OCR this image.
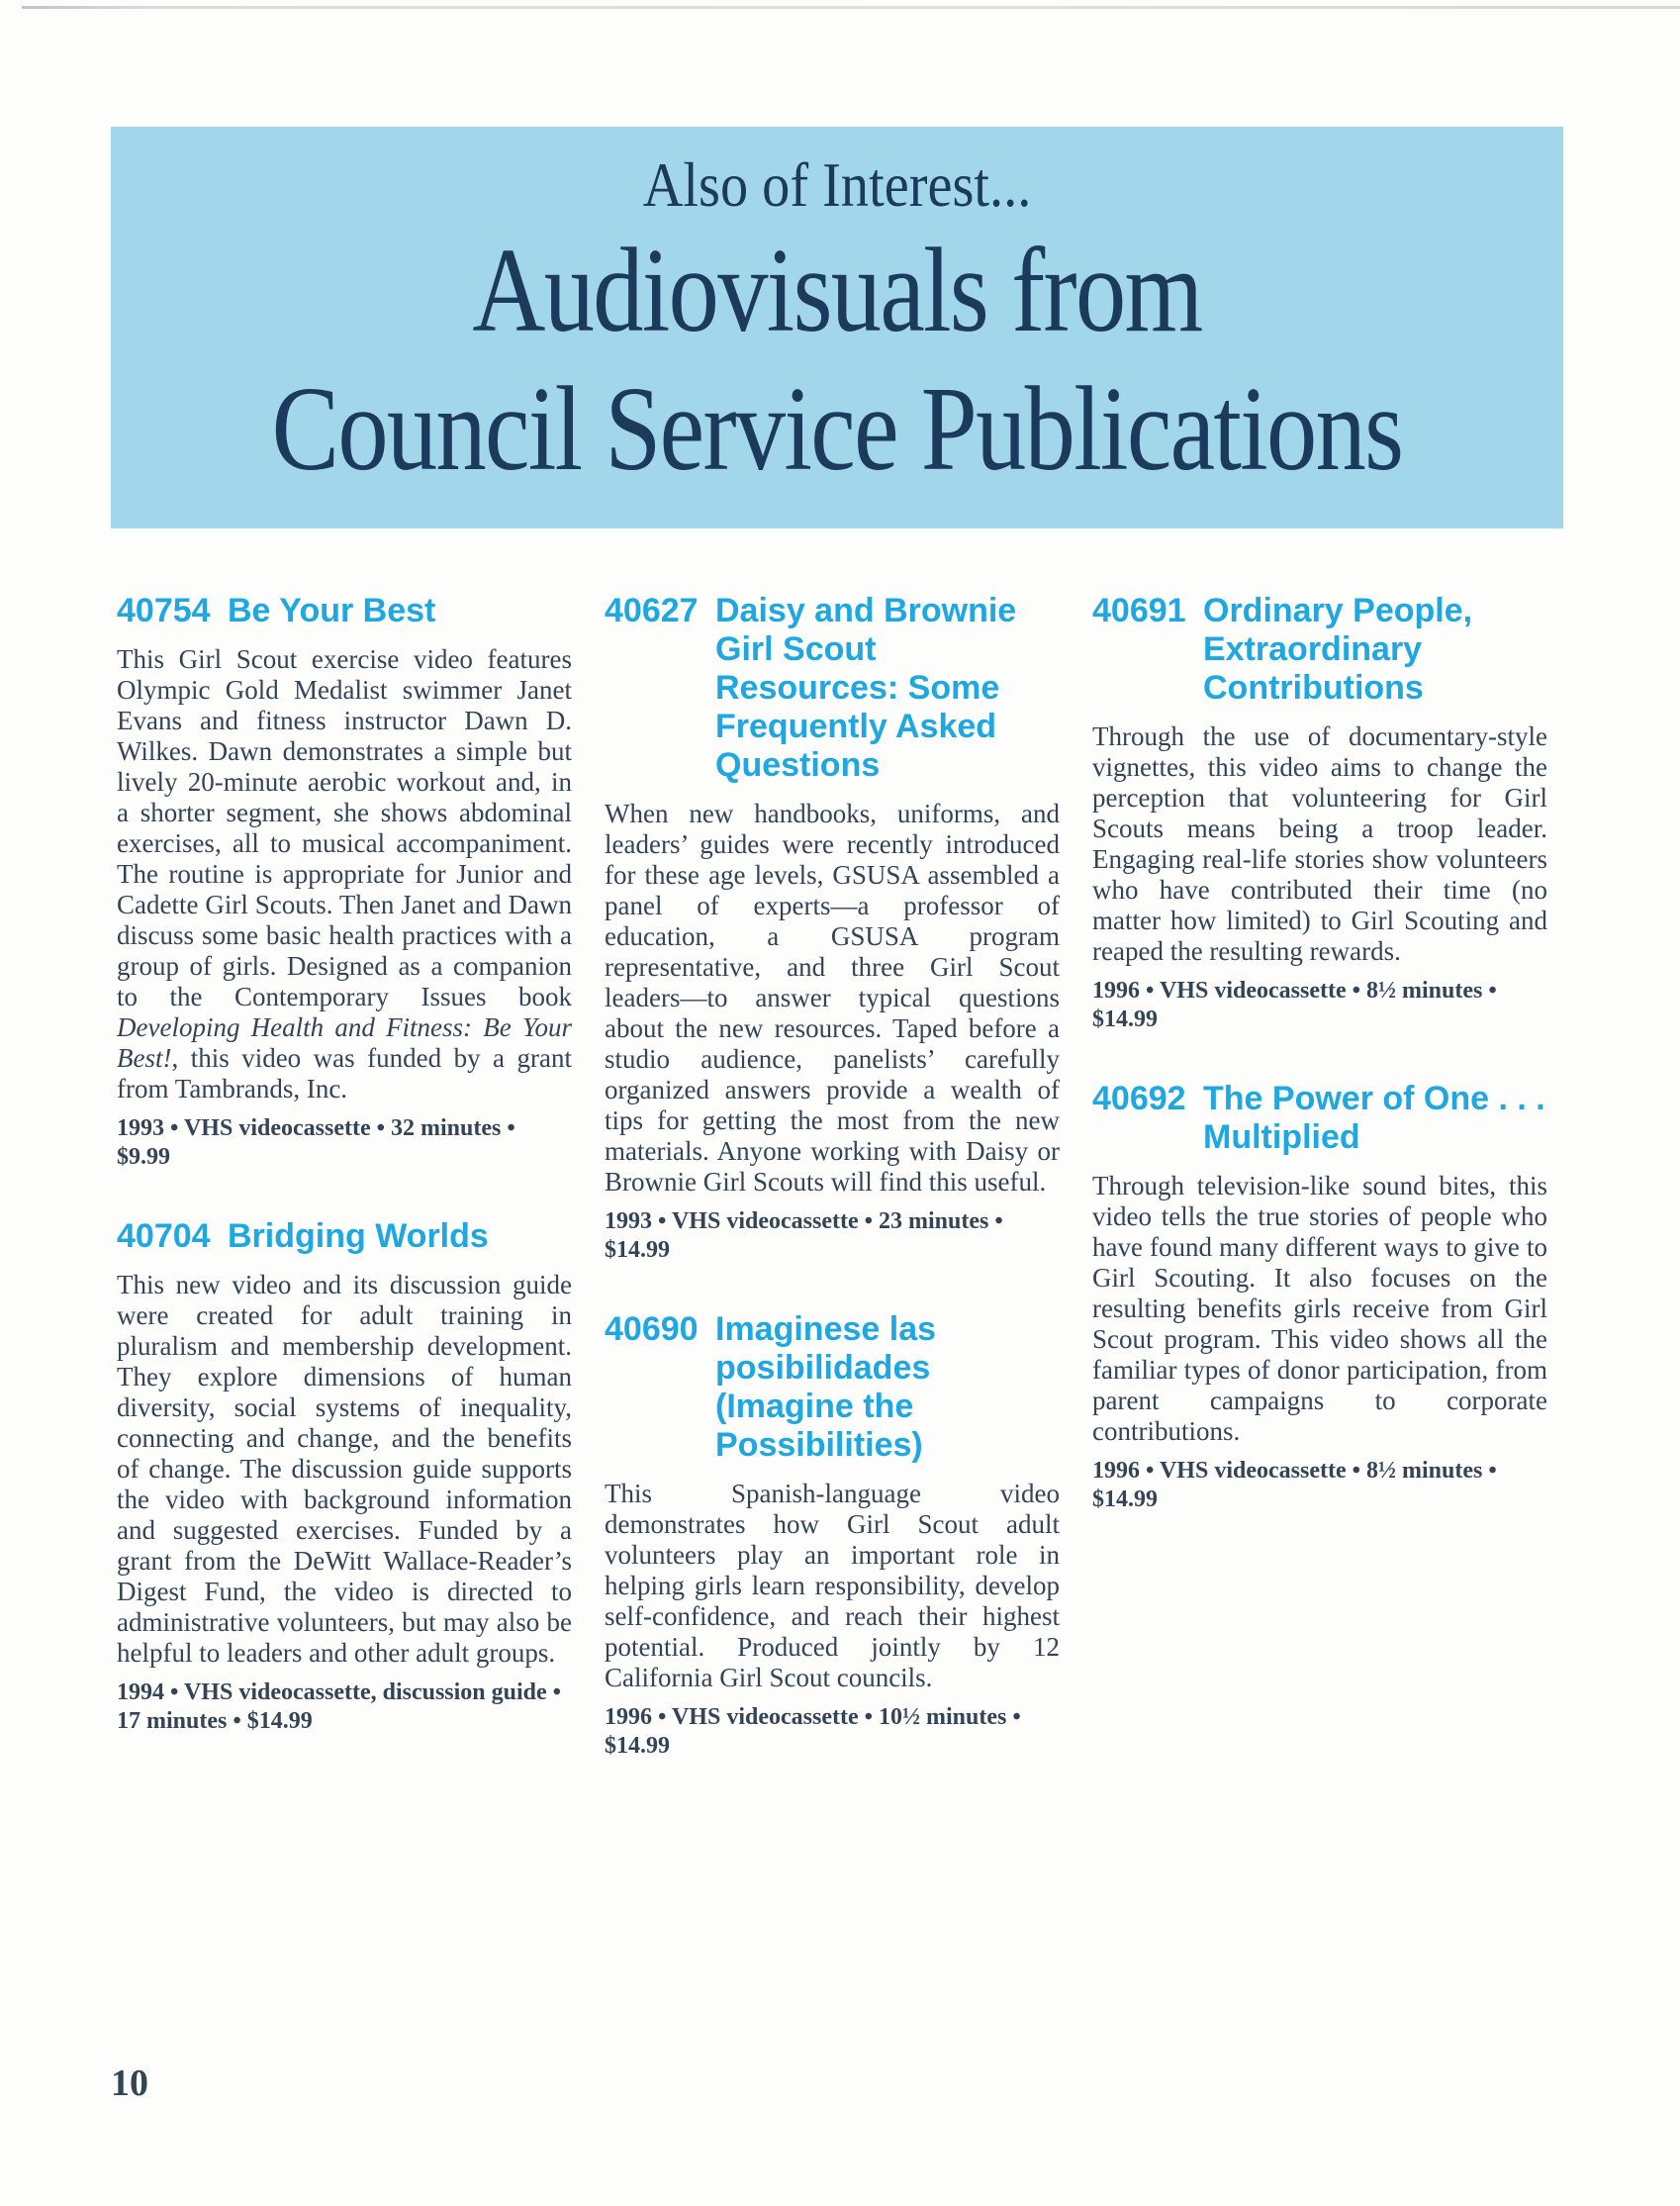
Also of Interest...
Audiovisuals from
Council Service Publications
40754 Be Your Best

This Girl Scout exercise video features Olympic Gold Medalist swimmer Janet Evans and fitness instructor Dawn D. Wilkes. Dawn demonstrates a simple but lively 20-minute aerobic workout and, in a shorter segment, she shows abdominal exercises, all to musical accompaniment. The routine is appropriate for Junior and Cadette Girl Scouts. Then Janet and Dawn discuss some basic health practices with a group of girls. Designed as a companion to the Contemporary Issues book Developing Health and Fitness: Be Your Best!, this video was funded by a grant from Tambrands, Inc.

1993 • VHS videocassette • 32 minutes • $9.99

40704 Bridging Worlds

This new video and its discussion guide were created for adult training in pluralism and membership development. They explore dimensions of human diversity, social systems of inequality, connecting and change, and the benefits of change. The discussion guide supports the video with background information and suggested exercises. Funded by a grant from the DeWitt Wallace-Reader’s Digest Fund, the video is directed to administrative volunteers, but may also be helpful to leaders and other adult groups.

1994 • VHS videocassette, discussion guide • 17 minutes • $14.99

40627 Daisy and Brownie Girl Scout Resources: Some Frequently Asked Questions

When new handbooks, uniforms, and leaders’ guides were recently introduced for these age levels, GSUSA assembled a panel of experts—a professor of education, a GSUSA program representative, and three Girl Scout leaders—to answer typical questions about the new resources. Taped before a studio audience, panelists’ carefully organized answers provide a wealth of tips for getting the most from the new materials. Anyone working with Daisy or Brownie Girl Scouts will find this useful.

1993 • VHS videocassette • 23 minutes • $14.99

40690 Imaginese las posibilidades (Imagine the Possibilities)

This Spanish-language video demonstrates how Girl Scout adult volunteers play an important role in helping girls learn responsibility, develop self-confidence, and reach their highest potential. Produced jointly by 12 California Girl Scout councils.

1996 • VHS videocassette • 10½ minutes • $14.99

40691 Ordinary People, Extraordinary Contributions

Through the use of documentary-style vignettes, this video aims to change the perception that volunteering for Girl Scouts means being a troop leader. Engaging real-life stories show volunteers who have contributed their time (no matter how limited) to Girl Scouting and reaped the resulting rewards.

1996 • VHS videocassette • 8½ minutes • $14.99

40692 The Power of One . . . Multiplied

Through television-like sound bites, this video tells the true stories of people who have found many different ways to give to Girl Scouting. It also focuses on the resulting benefits girls receive from Girl Scout program. This video shows all the familiar types of donor participation, from parent campaigns to corporate contributions.

1996 • VHS videocassette • 8½ minutes • $14.99

10
